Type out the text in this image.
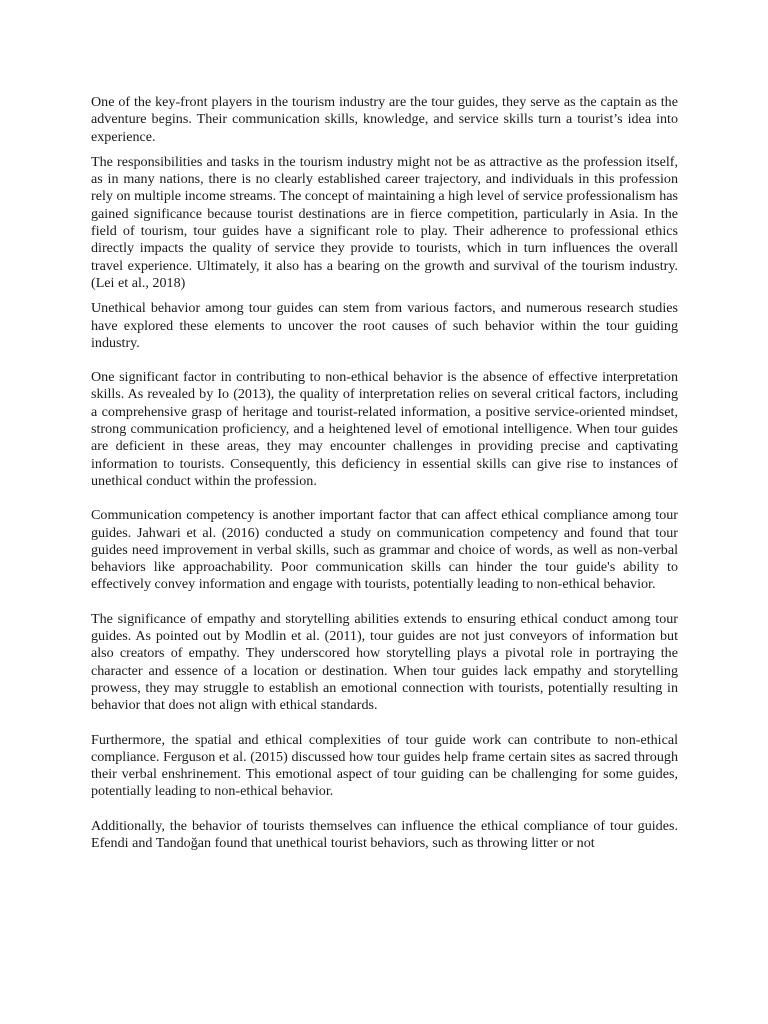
One of the key-front players in the tourism industry are the tour guides, they serve as the captain as the adventure begins. Their communication skills, knowledge, and service skills turn a tourist’s idea into experience.

The responsibilities and tasks in the tourism industry might not be as attractive as the profession itself, as in many nations, there is no clearly established career trajectory, and individuals in this profession rely on multiple income streams. The concept of maintaining a high level of service professionalism has gained significance because tourist destinations are in fierce competition, particularly in Asia. In the field of tourism, tour guides have a significant role to play. Their adherence to professional ethics directly impacts the quality of service they provide to tourists, which in turn influences the overall travel experience. Ultimately, it also has a bearing on the growth and survival of the tourism industry. (Lei et al., 2018)

Unethical behavior among tour guides can stem from various factors, and numerous research studies have explored these elements to uncover the root causes of such behavior within the tour guiding industry.

One significant factor in contributing to non-ethical behavior is the absence of effective interpretation skills. As revealed by Io (2013), the quality of interpretation relies on several critical factors, including a comprehensive grasp of heritage and tourist-related information, a positive service-oriented mindset, strong communication proficiency, and a heightened level of emotional intelligence. When tour guides are deficient in these areas, they may encounter challenges in providing precise and captivating information to tourists. Consequently, this deficiency in essential skills can give rise to instances of unethical conduct within the profession.

Communication competency is another important factor that can affect ethical compliance among tour guides. Jahwari et al. (2016) conducted a study on communication competency and found that tour guides need improvement in verbal skills, such as grammar and choice of words, as well as non-verbal behaviors like approachability. Poor communication skills can hinder the tour guide's ability to effectively convey information and engage with tourists, potentially leading to non-ethical behavior.

The significance of empathy and storytelling abilities extends to ensuring ethical conduct among tour guides. As pointed out by Modlin et al. (2011), tour guides are not just conveyors of information but also creators of empathy. They underscored how storytelling plays a pivotal role in portraying the character and essence of a location or destination. When tour guides lack empathy and storytelling prowess, they may struggle to establish an emotional connection with tourists, potentially resulting in behavior that does not align with ethical standards.

Furthermore, the spatial and ethical complexities of tour guide work can contribute to non-ethical compliance. Ferguson et al. (2015) discussed how tour guides help frame certain sites as sacred through their verbal enshrinement. This emotional aspect of tour guiding can be challenging for some guides, potentially leading to non-ethical behavior.

Additionally, the behavior of tourists themselves can influence the ethical compliance of tour guides. Efendi and Tandoğan found that unethical tourist behaviors, such as throwing litter or not
